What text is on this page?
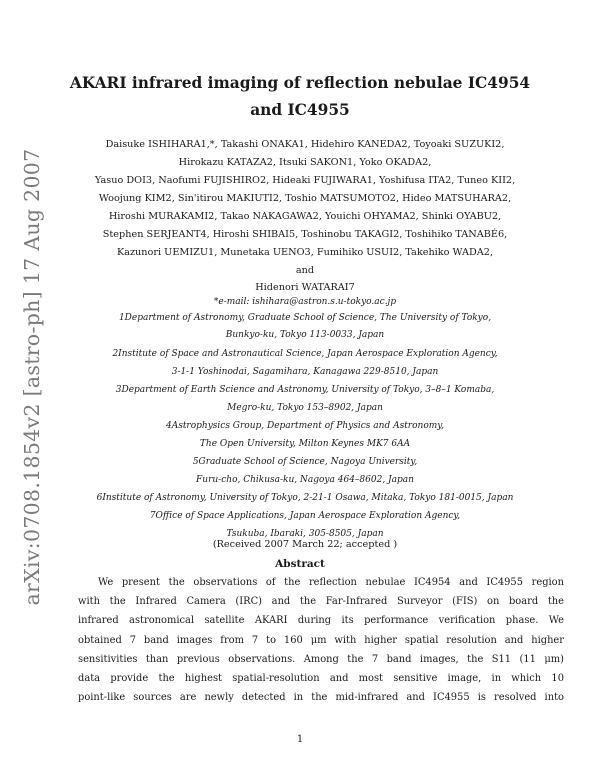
arXiv:0708.1854v2 [astro-ph] 17 Aug 2007
AKARI infrared imaging of reflection nebulae IC4954
and IC4955
Daisuke ISHIHARA1,*, Takashi ONAKA1, Hidehiro KANEDA2, Toyoaki SUZUKI2,
Hirokazu KATAZA2, Itsuki SAKON1, Yoko OKADA2,
Yasuo DOI3, Naofumi FUJISHIRO2, Hideaki FUJIWARA1, Yoshifusa ITA2, Tuneo KII2,
Woojung KIM2, Sin'itirou MAKIUTI2, Toshio MATSUMOTO2, Hideo MATSUHARA2,
Hiroshi MURAKAMI2, Takao NAKAGAWA2, Youichi OHYAMA2, Shinki OYABU2,
Stephen SERJEANT4, Hiroshi SHIBAI5, Toshinobu TAKAGI2, Toshihiko TANABÉ6,
Kazunori UEMIZU1, Munetaka UENO3, Fumihiko USUI2, Takehiko WADA2,
and
Hidenori WATARAI7
*e-mail: ishihara@astron.s.u-tokyo.ac.jp
1Department of Astronomy, Graduate School of Science, The University of Tokyo,
Bunkyo-ku, Tokyo 113-0033, Japan
2Institute of Space and Astronautical Science, Japan Aerospace Exploration Agency,
3-1-1 Yoshinodai, Sagamihara, Kanagawa 229-8510, Japan
3Department of Earth Science and Astronomy, University of Tokyo, 3–8–1 Komaba,
Megro-ku, Tokyo 153–8902, Japan
4Astrophysics Group, Department of Physics and Astronomy,
The Open University, Milton Keynes MK7 6AA
5Graduate School of Science, Nagoya University,
Furu-cho, Chikusa-ku, Nagoya 464–8602, Japan
6Institute of Astronomy, University of Tokyo, 2-21-1 Osawa, Mitaka, Tokyo 181-0015, Japan
7Office of Space Applications, Japan Aerospace Exploration Agency,
Tsukuba, Ibaraki, 305-8505, Japan
(Received 2007 March 22; accepted )
Abstract
We present the observations of the reflection nebulae IC4954 and IC4955 region
with the Infrared Camera (IRC) and the Far-Infrared Surveyor (FIS) on board the
infrared astronomical satellite AKARI during its performance verification phase. We
obtained 7 band images from 7 to 160 μm with higher spatial resolution and higher
sensitivities than previous observations. Among the 7 band images, the S11 (11 μm)
data provide the highest spatial-resolution and most sensitive image, in which 10
point-like sources are newly detected in the mid-infrared and IC4955 is resolved into
1
